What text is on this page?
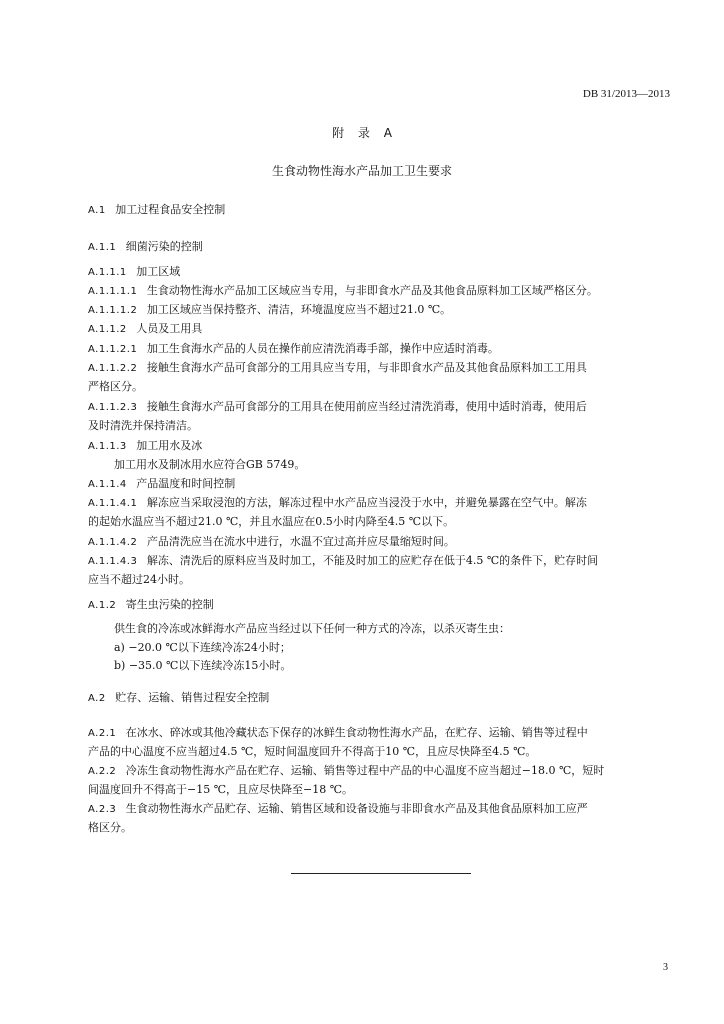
DB 31/2013—2013
附 录 A
生食动物性海水产品加工卫生要求
A.1 加工过程食品安全控制
A.1.1 细菌污染的控制
A.1.1.1 加工区域
A.1.1.1.1 生食动物性海水产品加工区域应当专用，与非即食水产品及其他食品原料加工区域严格区分。
A.1.1.1.2 加工区域应当保持整齐、清洁，环境温度应当不超过21.0 ℃。
A.1.1.2 人员及工用具
A.1.1.2.1 加工生食海水产品的人员在操作前应清洗消毒手部，操作中应适时消毒。
A.1.1.2.2 接触生食海水产品可食部分的工用具应当专用，与非即食水产品及其他食品原料加工工用具
严格区分。
A.1.1.2.3 接触生食海水产品可食部分的工用具在使用前应当经过清洗消毒，使用中适时消毒，使用后
及时清洗并保持清洁。
A.1.1.3 加工用水及冰
加工用水及制冰用水应符合GB 5749。
A.1.1.4 产品温度和时间控制
A.1.1.4.1 解冻应当采取浸泡的方法，解冻过程中水产品应当浸没于水中，并避免暴露在空气中。解冻
的起始水温应当不超过21.0 ℃，并且水温应在0.5小时内降至4.5 ℃以下。
A.1.1.4.2 产品清洗应当在流水中进行，水温不宜过高并应尽量缩短时间。
A.1.1.4.3 解冻、清洗后的原料应当及时加工，不能及时加工的应贮存在低于4.5 ℃的条件下，贮存时间
应当不超过24小时。
A.1.2 寄生虫污染的控制
供生食的冷冻或冰鲜海水产品应当经过以下任何一种方式的冷冻，以杀灭寄生虫：
a) −20.0 ℃以下连续冷冻24小时；
b) −35.0 ℃以下连续冷冻15小时。
A.2 贮存、运输、销售过程安全控制
A.2.1 在冰水、碎冰或其他冷藏状态下保存的冰鲜生食动物性海水产品，在贮存、运输、销售等过程中
产品的中心温度不应当超过4.5 ℃，短时间温度回升不得高于10 ℃，且应尽快降至4.5 ℃。
A.2.2 冷冻生食动物性海水产品在贮存、运输、销售等过程中产品的中心温度不应当超过−18.0 ℃，短时
间温度回升不得高于−15 ℃，且应尽快降至−18 ℃。
A.2.3 生食动物性海水产品贮存、运输、销售区域和设备设施与非即食水产品及其他食品原料加工应严
格区分。
3
